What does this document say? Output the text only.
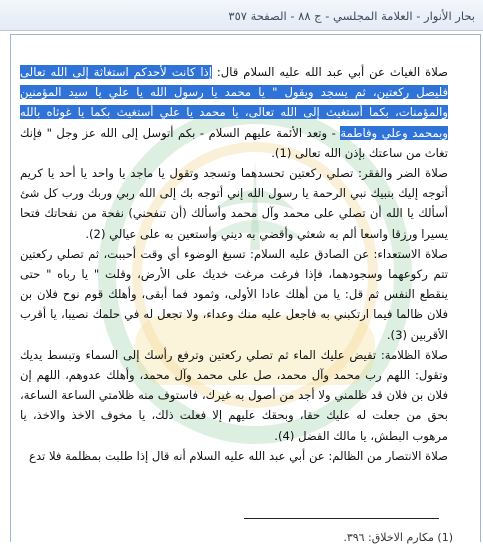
بحار الأنوار - العلامة المجلسي - ج ٨٨ - الصفحة ٣٥٧

صلاة الغياث عن أبي عبد الله عليه السلام قال: إذا كانت لأحدكم استغاثة إلى الله تعالى فليصل ركعتين، ثم يسجد ويقول " يا محمد يا رسول الله يا علي يا سيد المؤمنين والمؤمنات، بكما أستغيث إلى الله تعالى، يا محمد يا علي أستغيث بكما يا غوثاه بالله وبمحمد وعلي وفاطمة - وتعد الأئمة عليهم السلام - بكم أتوسل إلى الله عز وجل " فإنك تغاث من ساعتك بإذن الله تعالى (1).

صلاة الضر والفقر: تصلي ركعتين تحسدهما وتسجد وتقول يا ماجد يا واحد يا أحد يا كريم أتوجه إليك بنبيك نبي الرحمة يا رسول الله إني أتوجه بك إلى الله ربي وربك ورب كل شئ أسألك يا الله أن تصلي على محمد وآل محمد وأسألك (أن تنفحني) نفحة من نفحاتك فتحا يسيرا ورزقا واسعا ألم به شعثي وأقضي به ديني وأستعين به على عيالي (2).

صلاة الاستعداء: عن الصادق عليه السلام: تسبغ الوضوء أي وقت أحببت، ثم تصلي ركعتين تتم ركوعهما وسجودهما، فإذا فرغت مرغت خديك على الأرض، وقلت " يا رباه " حتى ينقطع النفس ثم قل: يا من أهلك عادا الأولى، وثمود فما أبقى، وأهلك قوم نوح فلان بن فلان ظالما فيما ارتكبني به فاجعل عليه منك وعداء، ولا تجعل له في حلمك نصيبا، يا أقرب الأقربين (3).

صلاة الظلامة: تفيض عليك الماء ثم تصلي ركعتين وترفع رأسك إلى السماء وتبسط يديك وتقول: اللهم رب محمد وآل محمد، صل على محمد وآل محمد، وأهلك عدوهم، اللهم إن فلان بن فلان قد ظلمني ولا أجد من أصول به غيرك، فاستوف منه ظلامتي الساعة الساعة، بحق من جعلت له عليك حقا، وبحقك عليهم إلا فعلت ذلك، يا مخوف الاخذ والاخذ، يا مرهوب البطش، يا مالك الفضل (4).

صلاة الانتصار من الظالم: عن أبي عبد الله عليه السلام أنه قال إذا طلبت بمظلمة فلا تدع

(1) مكارم الاخلاق: ٣٩٦.
